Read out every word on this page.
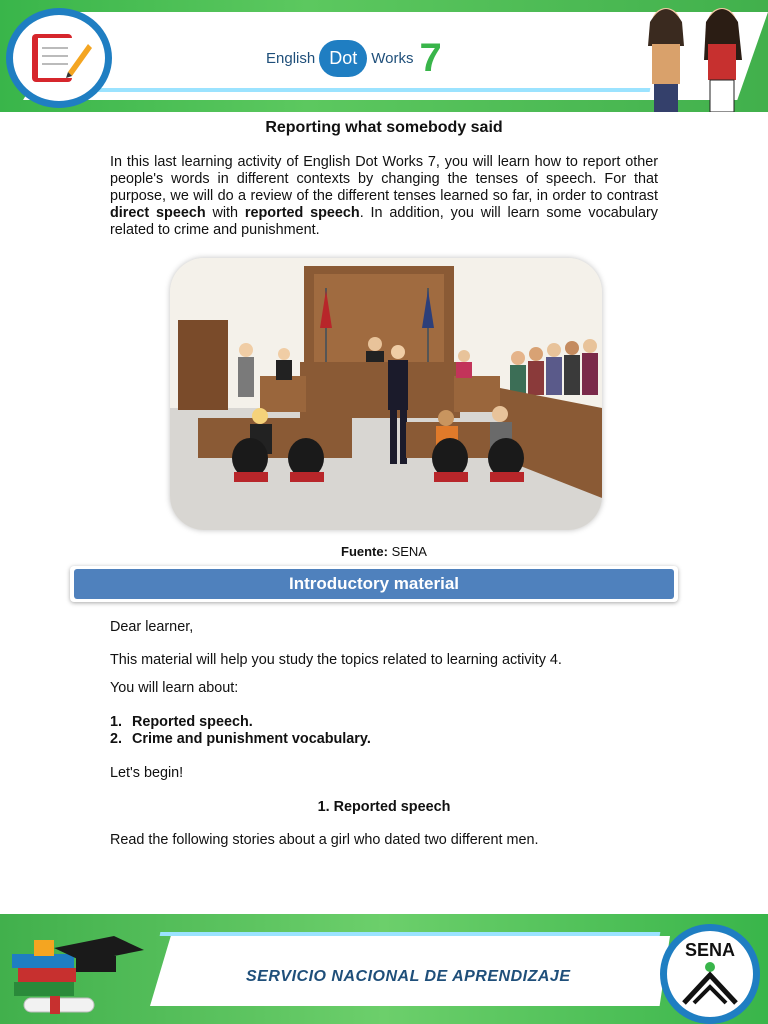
English Dot Works 7
Reporting what somebody said
In this last learning activity of English Dot Works 7, you will learn how to report other people's words in different contexts by changing the tenses of speech. For that purpose, we will do a review of the different tenses learned so far, in order to contrast direct speech with reported speech. In addition, you will learn some vocabulary related to crime and punishment.
Fuente: SENA
Introductory material
Dear learner,
This material will help you study the topics related to learning activity 4.
You will learn about:
1. Reported speech.
2. Crime and punishment vocabulary.
Let's begin!
1. Reported speech
Read the following stories about a girl who dated two different men.
SERVICIO NACIONAL DE APRENDIZAJE
SENA
